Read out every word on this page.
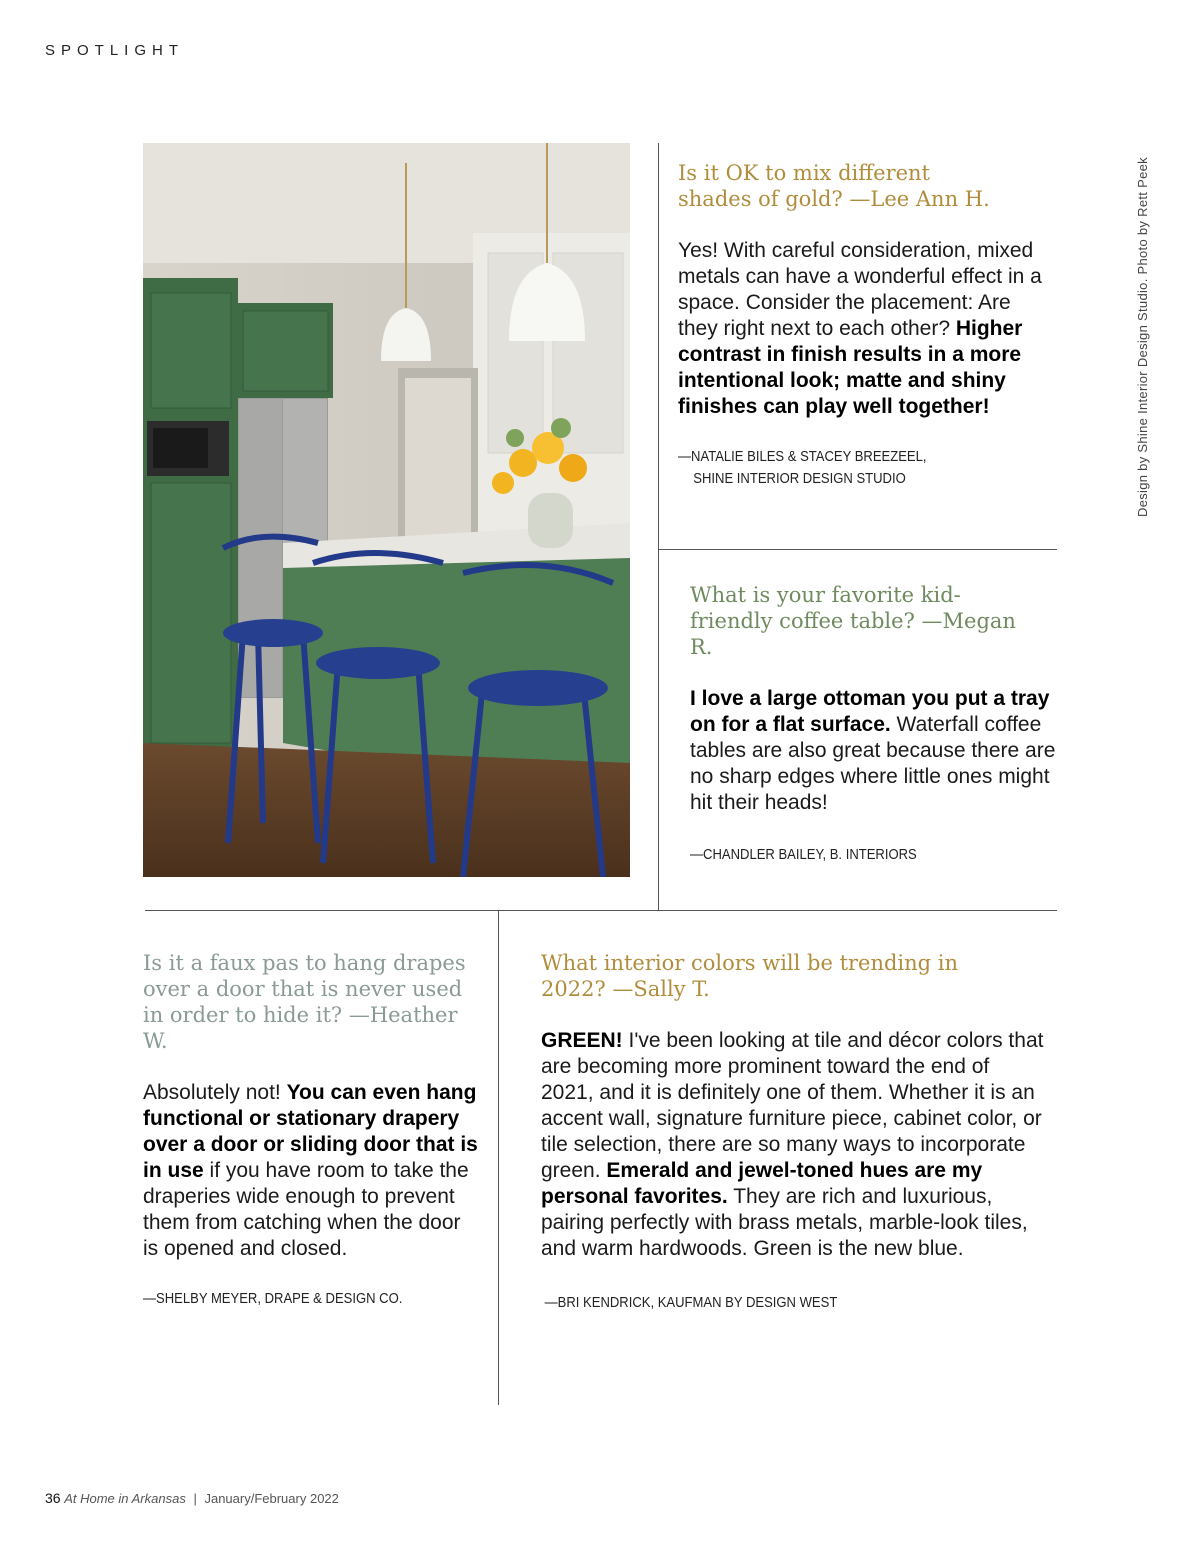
SPOTLIGHT

Is it OK to mix different shades of gold? —Lee Ann H.

Yes! With careful consideration, mixed metals can have a wonderful effect in a space. Consider the placement: Are they right next to each other? Higher contrast in finish results in a more intentional look; matte and shiny finishes can play well together!

—NATALIE BILES & STACEY BREEZEEL,
SHINE INTERIOR DESIGN STUDIO

What is your favorite kid-friendly coffee table? —Megan R.

I love a large ottoman you put a tray on for a flat surface. Waterfall coffee tables are also great because there are no sharp edges where little ones might hit their heads!

—CHANDLER BAILEY, B. INTERIORS

Is it a faux pas to hang drapes over a door that is never used in order to hide it? —Heather W.

Absolutely not! You can even hang functional or stationary drapery over a door or sliding door that is in use if you have room to take the draperies wide enough to prevent them from catching when the door is opened and closed.

—SHELBY MEYER, DRAPE & DESIGN CO.

What interior colors will be trending in 2022? —Sally T.

GREEN! I've been looking at tile and décor colors that are becoming more prominent toward the end of 2021, and it is definitely one of them. Whether it is an accent wall, signature furniture piece, cabinet color, or tile selection, there are so many ways to incorporate green. Emerald and jewel-toned hues are my personal favorites. They are rich and luxurious, pairing perfectly with brass metals, marble-look tiles, and warm hardwoods. Green is the new blue.

—BRI KENDRICK, KAUFMAN BY DESIGN WEST

Design by Shine Interior Design Studio. Photo by Rett Peek
36 At Home in Arkansas | January/February 2022
